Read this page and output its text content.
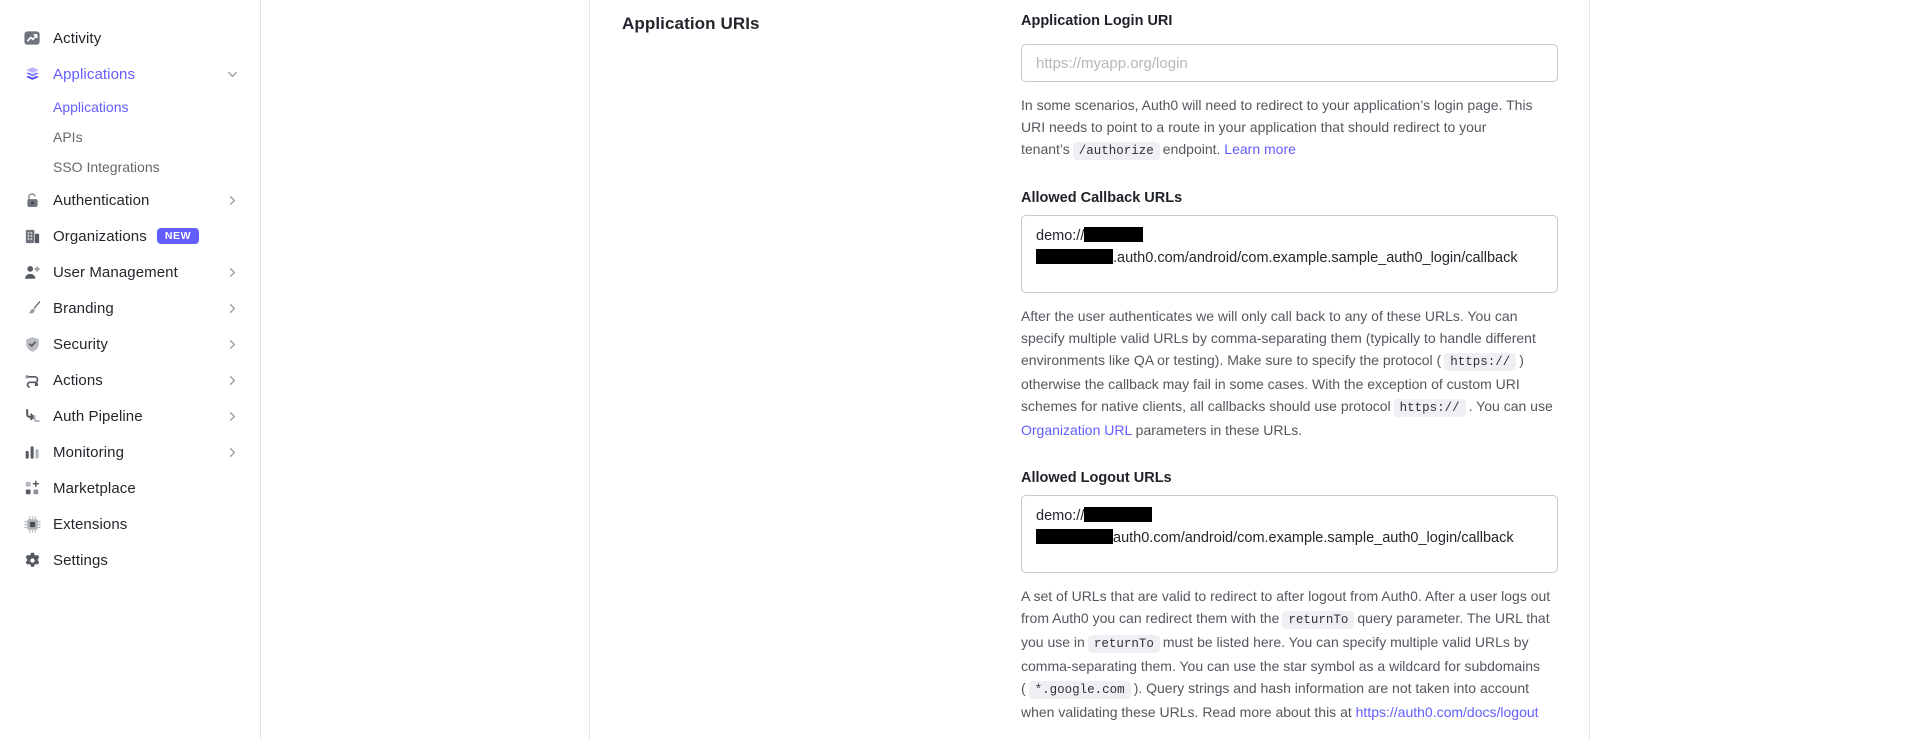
Activity
Applications
Applications
APIs
SSO Integrations
Authentication
Organizations	NEW
User Management
Branding
Security
Actions
Auth Pipeline
Monitoring
Marketplace
Extensions
Settings
Application URIs	Application Login URI
https://myapp.org/login

In some scenarios, Auth0 will need to redirect to your application’s login page. This URI needs to point to a route in your application that should redirect to your tenant’s /authorize endpoint. Learn more

Allowed Callback URLs
demo://
.auth0.com/android/com.example.sample_auth0_login/callback

After the user authenticates we will only call back to any of these URLs. You can specify multiple valid URLs by comma-separating them (typically to handle different environments like QA or testing). Make sure to specify the protocol ( https:// ) otherwise the callback may fail in some cases. With the exception of custom URI schemes for native clients, all callbacks should use protocol https:// . You can use Organization URL parameters in these URLs.

Allowed Logout URLs
demo://
auth0.com/android/com.example.sample_auth0_login/callback

A set of URLs that are valid to redirect to after logout from Auth0. After a user logs out from Auth0 you can redirect them with the returnTo query parameter. The URL that you use in returnTo must be listed here. You can specify multiple valid URLs by comma-separating them. You can use the star symbol as a wildcard for subdomains ( *.google.com ). Query strings and hash information are not taken into account when validating these URLs. Read more about this at https://auth0.com/docs/logout
